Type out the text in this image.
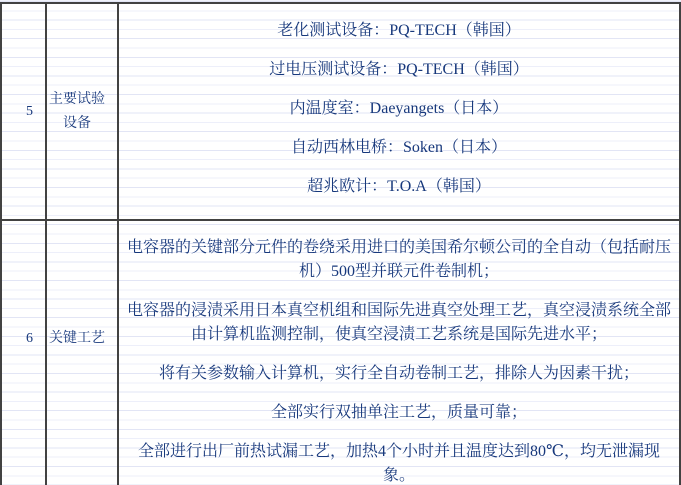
5
主要试验设备

老化测试设备：PQ-TECH（韩国）

过电压测试设备：PQ-TECH（韩国）

内温度室：Daeyangets（日本）

自动西林电桥：Soken（日本）

超兆欧计：T.O.A（韩国）

6 关键工艺

电容器的关键部分元件的卷绕采用进口的美国希尔顿公司的全自动（包括耐压机）500型并联元件卷制机；

电容器的浸渍采用日本真空机组和国际先进真空处理工艺，真空浸渍系统全部由计算机监测控制，使真空浸渍工艺系统是国际先进水平；

将有关参数输入计算机，实行全自动卷制工艺，排除人为因素干扰；

全部实行双抽单注工艺，质量可靠；

全部进行出厂前热试漏工艺，加热4个小时并且温度达到80℃，均无泄漏现象。
